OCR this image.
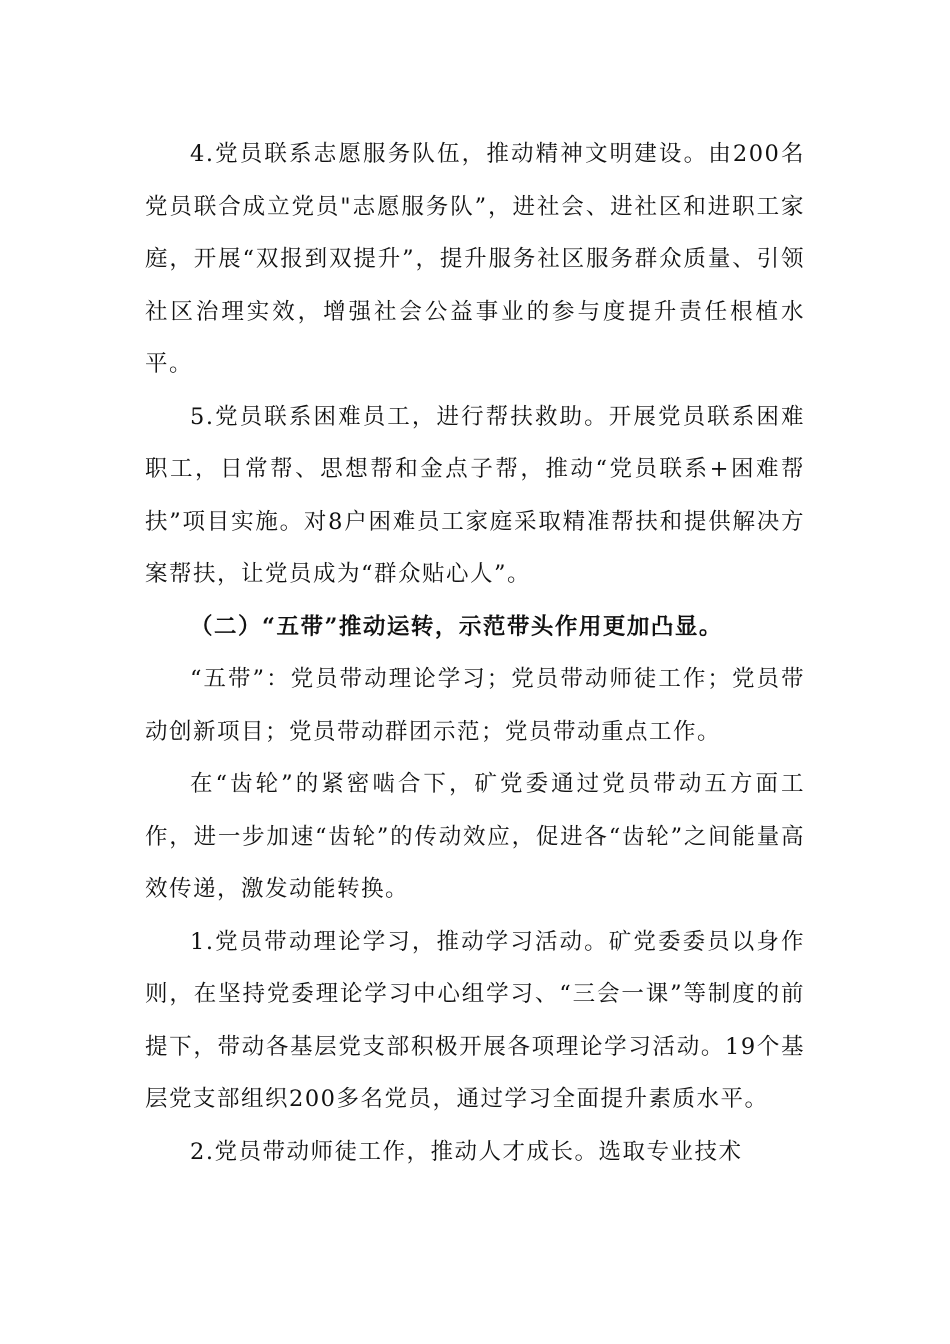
4.党员联系志愿服务队伍，推动精神文明建设。由200名党员联合成立党员"志愿服务队”，进社会、进社区和进职工家庭，开展“双报到双提升”，提升服务社区服务群众质量、引领社区治理实效，增强社会公益事业的参与度提升责任根植水平。

5.党员联系困难员工，进行帮扶救助。开展党员联系困难职工，日常帮、思想帮和金点子帮，推动“党员联系+困难帮扶”项目实施。对8户困难员工家庭采取精准帮扶和提供解决方案帮扶，让党员成为“群众贴心人”。

（二）“五带”推动运转，示范带头作用更加凸显。

“五带”：党员带动理论学习；党员带动师徒工作；党员带动创新项目；党员带动群团示范；党员带动重点工作。

在“齿轮”的紧密啮合下，矿党委通过党员带动五方面工作，进一步加速“齿轮”的传动效应，促进各“齿轮”之间能量高效传递，激发动能转换。

1.党员带动理论学习，推动学习活动。矿党委委员以身作则，在坚持党委理论学习中心组学习、“三会一课”等制度的前提下，带动各基层党支部积极开展各项理论学习活动。19个基层党支部组织200多名党员，通过学习全面提升素质水平。

2.党员带动师徒工作，推动人才成长。选取专业技术
